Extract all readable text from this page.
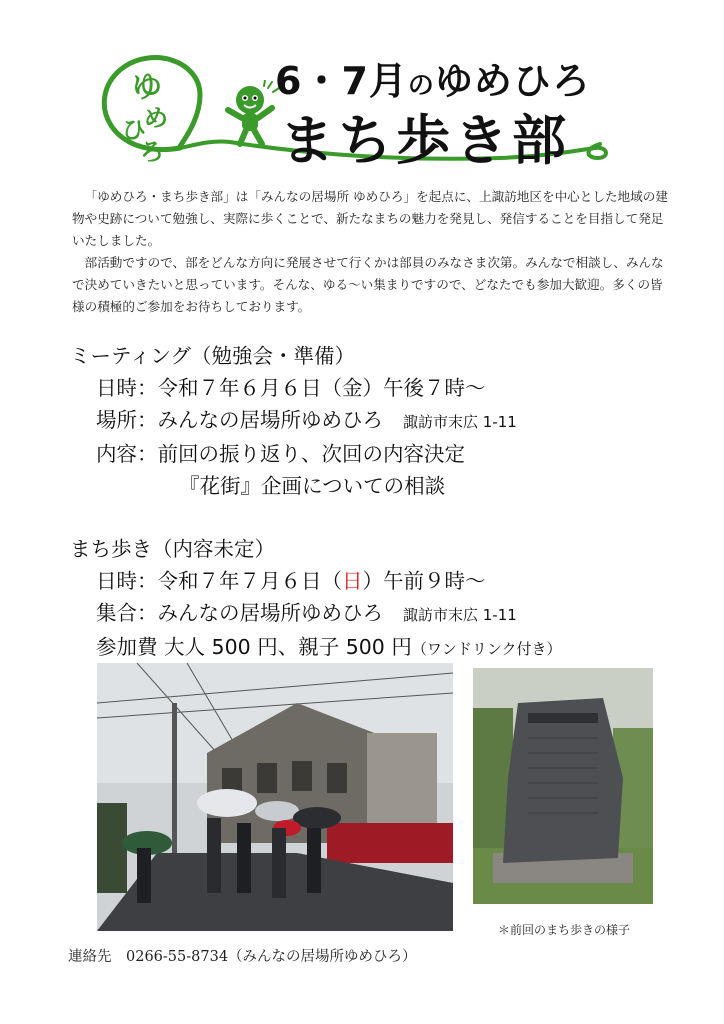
ゆ
め
ひ
ろ
6・7月のゆめひろ
まち歩き部

「ゆめひろ・まち歩き部」は「みんなの居場所 ゆめひろ」を起点に、上諏訪地区を中心とした地域の建物や史跡について勉強し、実際に歩くことで、新たなまちの魅力を発見し、発信することを目指して発足いたしました。

部活動ですので、部をどんな方向に発展させて行くかは部員のみなさま次第。みんなで相談し、みんなで決めていきたいと思っています。そんな、ゆる～い集まりですので、どなたでも参加大歓迎。多くの皆様の積極的ご参加をお待ちしております。

ミーティング（勉強会・準備）
日時：令和７年６月６日（金）午後７時～
場所：みんなの居場所ゆめひろ 諏訪市末広 1-11
内容：前回の振り返り、次回の内容決定
『花街』企画についての相談
まち歩き（内容未定）
日時：令和７年７月６日（日）午前９時～
集合：みんなの居場所ゆめひろ 諏訪市末広 1-11
参加費 大人 500 円、親子 500 円（ワンドリンク付き）
＊前回のまち歩きの様子
連絡先　0266-55-8734（みんなの居場所ゆめひろ）
